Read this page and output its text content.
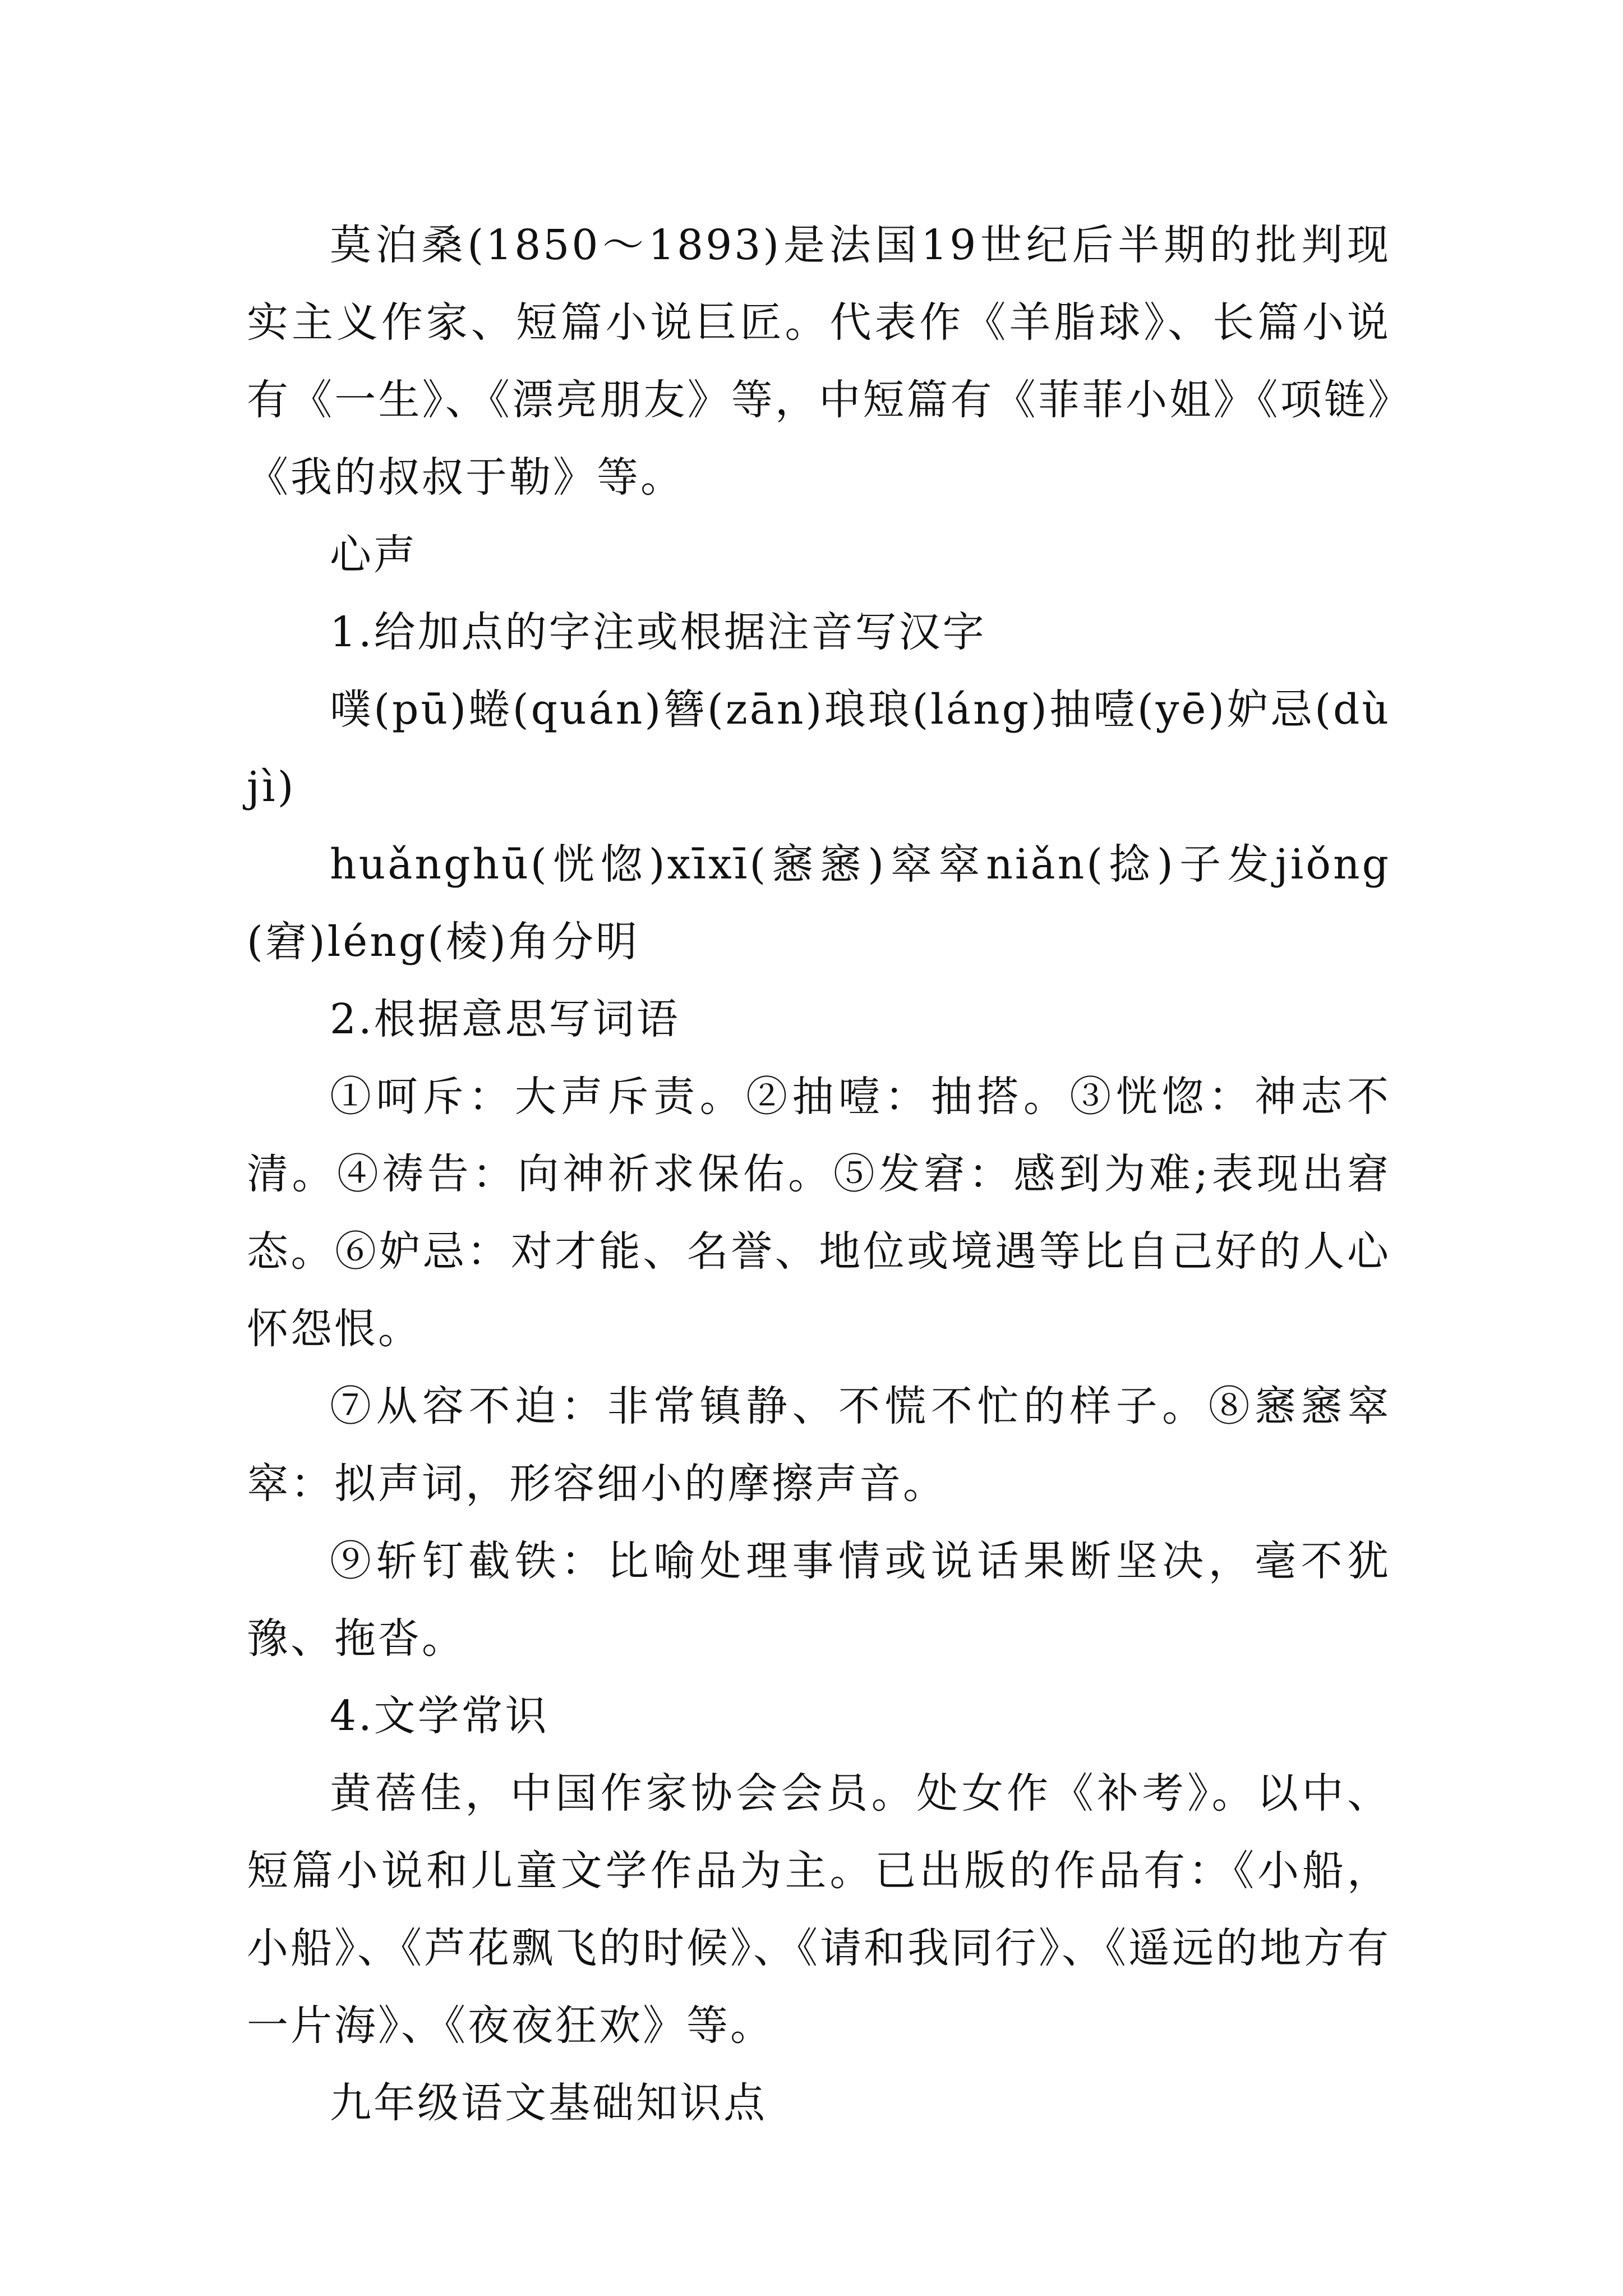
莫泊桑(1850～1893)是法国19世纪后半期的批判现实主义作家、短篇小说巨匠。代表作《羊脂球》、长篇小说有《一生》、《漂亮朋友》等，中短篇有《菲菲小姐》《项链》《我的叔叔于勒》等。

心声

1.给加点的字注或根据注音写汉字

噗(pū)蜷(quán)簪(zān)琅琅(láng)抽噎(yē)妒忌(dùjì)

huǎnghū(恍惚)xīxī(窸窸)窣窣niǎn(捻)子发jiǒng(窘)léng(棱)角分明

2.根据意思写词语

①呵斥：大声斥责。②抽噎：抽搭。③恍惚：神志不清。④祷告：向神祈求保佑。⑤发窘：感到为难;表现出窘态。⑥妒忌：对才能、名誉、地位或境遇等比自己好的人心怀怨恨。

⑦从容不迫：非常镇静、不慌不忙的样子。⑧窸窸窣窣：拟声词，形容细小的摩擦声音。

⑨斩钉截铁：比喻处理事情或说话果断坚决，毫不犹豫、拖沓。

4.文学常识

黄蓓佳，中国作家协会会员。处女作《补考》。以中、短篇小说和儿童文学作品为主。已出版的作品有：《小船，小船》、《芦花飘飞的时候》、《请和我同行》、《遥远的地方有一片海》、《夜夜狂欢》等。

九年级语文基础知识点
